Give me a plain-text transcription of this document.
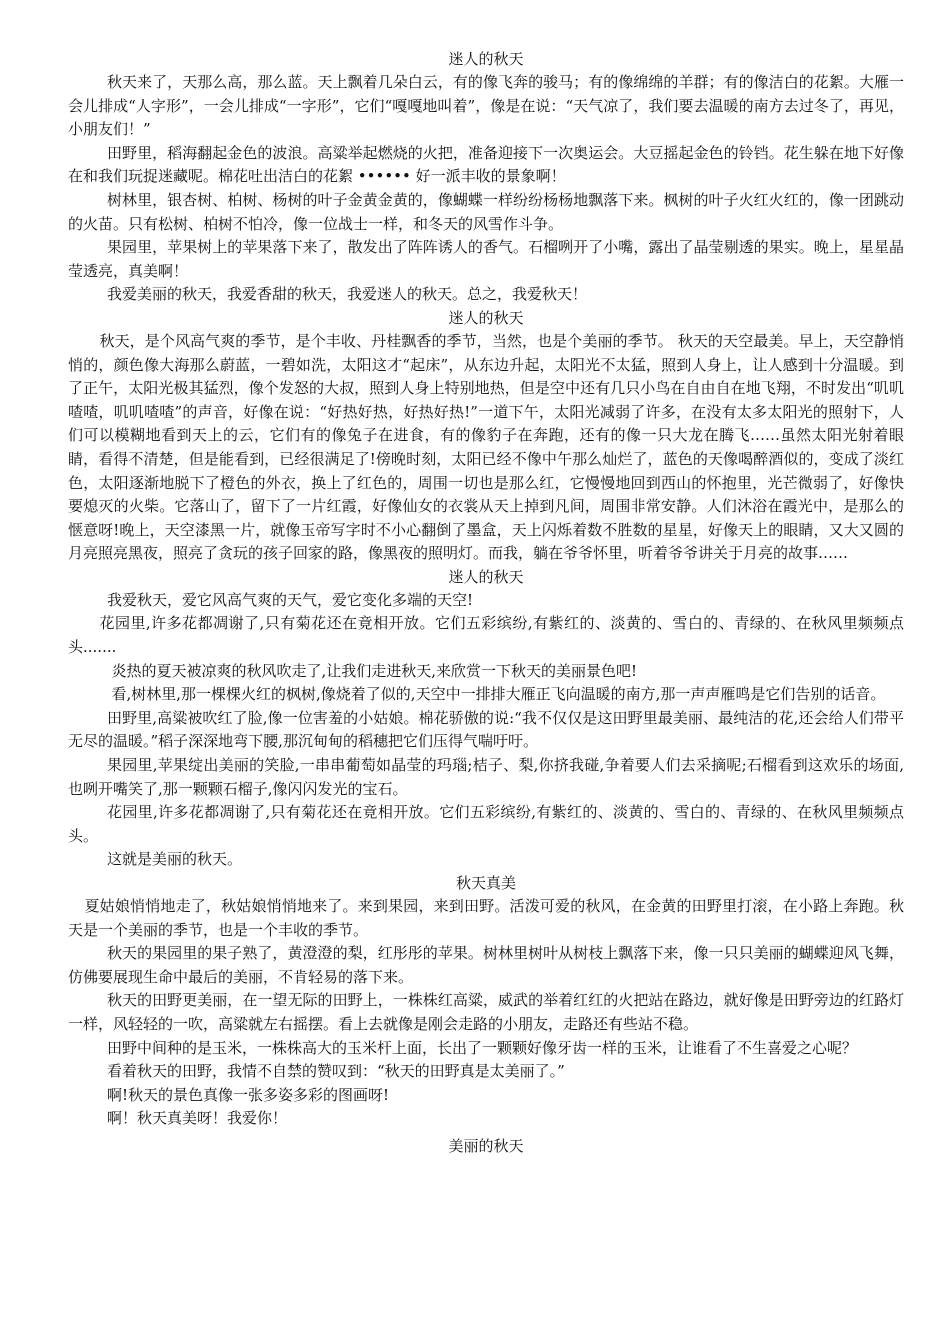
迷人的秋天

秋天来了，天那么高，那么蓝。天上飘着几朵白云，有的像飞奔的骏马；有的像绵绵的羊群；有的像洁白的花絮。大雁一会儿排成“人字形”，一会儿排成“一字形”，它们“嘎嘎地叫着”，像是在说：“天气凉了，我们要去温暖的南方去过冬了，再见，小朋友们！”

田野里，稻海翻起金色的波浪。高粱举起燃烧的火把，准备迎接下一次奥运会。大豆摇起金色的铃铛。花生躲在地下好像在和我们玩捉迷藏呢。棉花吐出洁白的花絮 •••••• 好一派丰收的景象啊！

树林里，银杏树、柏树、杨树的叶子金黄金黄的，像蝴蝶一样纷纷杨杨地飘落下来。枫树的叶子火红火红的，像一团跳动的火苗。只有松树、柏树不怕冷，像一位战士一样，和冬天的风雪作斗争。

果园里，苹果树上的苹果落下来了，散发出了阵阵诱人的香气。石榴咧开了小嘴，露出了晶莹剔透的果实。晚上，星星晶莹透亮，真美啊！

我爱美丽的秋天，我爱香甜的秋天，我爱迷人的秋天。总之，我爱秋天！

迷人的秋天

秋天，是个风高气爽的季节，是个丰收、丹桂飘香的季节，当然，也是个美丽的季节。 秋天的天空最美。早上，天空静悄悄的，颜色像大海那么蔚蓝，一碧如洗，太阳这才“起床”，从东边升起，太阳光不太猛，照到人身上，让人感到十分温暖。到了正午，太阳光极其猛烈，像个发怒的大叔，照到人身上特别地热，但是空中还有几只小鸟在自由自在地飞翔，不时发出“叽叽喳喳，叽叽喳喳”的声音，好像在说：“好热好热，好热好热!”一道下午，太阳光减弱了许多，在没有太多太阳光的照射下，人们可以模糊地看到天上的云，它们有的像兔子在进食，有的像豹子在奔跑，还有的像一只大龙在腾飞……虽然太阳光射着眼睛，看得不清楚，但是能看到，已经很满足了!傍晚时刻，太阳已经不像中午那么灿烂了，蓝色的天像喝醉酒似的，变成了淡红色，太阳逐渐地脱下了橙色的外衣，换上了红色的，周围一切也是那么红，它慢慢地回到西山的怀抱里，光芒微弱了，好像快要熄灭的火柴。它落山了，留下了一片红霞，好像仙女的衣裳从天上掉到凡间，周围非常安静。人们沐浴在霞光中，是那么的惬意呀!晚上，天空漆黑一片，就像玉帝写字时不小心翻倒了墨盒，天上闪烁着数不胜数的星星，好像天上的眼睛，又大又圆的月亮照亮黑夜，照亮了贪玩的孩子回家的路，像黑夜的照明灯。而我，躺在爷爷怀里，听着爷爷讲关于月亮的故事……

迷人的秋天

我爱秋天，爱它风高气爽的天气，爱它变化多端的天空!

花园里,许多花都凋谢了,只有菊花还在竟相开放。它们五彩缤纷,有紫红的、淡黄的、雪白的、青绿的、在秋风里频频点头.......

炎热的夏天被凉爽的秋风吹走了,让我们走进秋天,来欣赏一下秋天的美丽景色吧!

看,树林里,那一棵棵火红的枫树,像烧着了似的,天空中一排排大雁正飞向温暖的南方,那一声声雁鸣是它们告别的话音。

田野里,高粱被吹红了脸,像一位害羞的小姑娘。棉花骄傲的说:“我不仅仅是这田野里最美丽、最纯洁的花,还会给人们带平无尽的温暖。”稻子深深地弯下腰,那沉甸甸的稻穗把它们压得气喘吁吁。

果园里,苹果绽出美丽的笑脸,一串串葡萄如晶莹的玛瑙;桔子、梨,你挤我碰,争着要人们去采摘呢;石榴看到这欢乐的场面,也咧开嘴笑了,那一颗颗石榴子,像闪闪发光的宝石。

花园里,许多花都凋谢了,只有菊花还在竟相开放。它们五彩缤纷,有紫红的、淡黄的、雪白的、青绿的、在秋风里频频点头。

这就是美丽的秋天。

秋天真美

夏姑娘悄悄地走了，秋姑娘悄悄地来了。来到果园，来到田野。活泼可爱的秋风，在金黄的田野里打滚，在小路上奔跑。秋天是一个美丽的季节，也是一个丰收的季节。

秋天的果园里的果子熟了，黄澄澄的梨，红彤彤的苹果。树林里树叶从树枝上飘落下来，像一只只美丽的蝴蝶迎风飞舞，仿佛要展现生命中最后的美丽，不肯轻易的落下来。

秋天的田野更美丽，在一望无际的田野上，一株株红高粱，威武的举着红红的火把站在路边，就好像是田野旁边的红路灯一样，风轻轻的一吹，高粱就左右摇摆。看上去就像是刚会走路的小朋友，走路还有些站不稳。

田野中间种的是玉米，一株株高大的玉米杆上面，长出了一颗颗好像牙齿一样的玉米，让谁看了不生喜爱之心呢？

看着秋天的田野，我情不自禁的赞叹到：“秋天的田野真是太美丽了。”

啊!秋天的景色真像一张多姿多彩的图画呀!

啊！秋天真美呀！我爱你！

美丽的秋天
